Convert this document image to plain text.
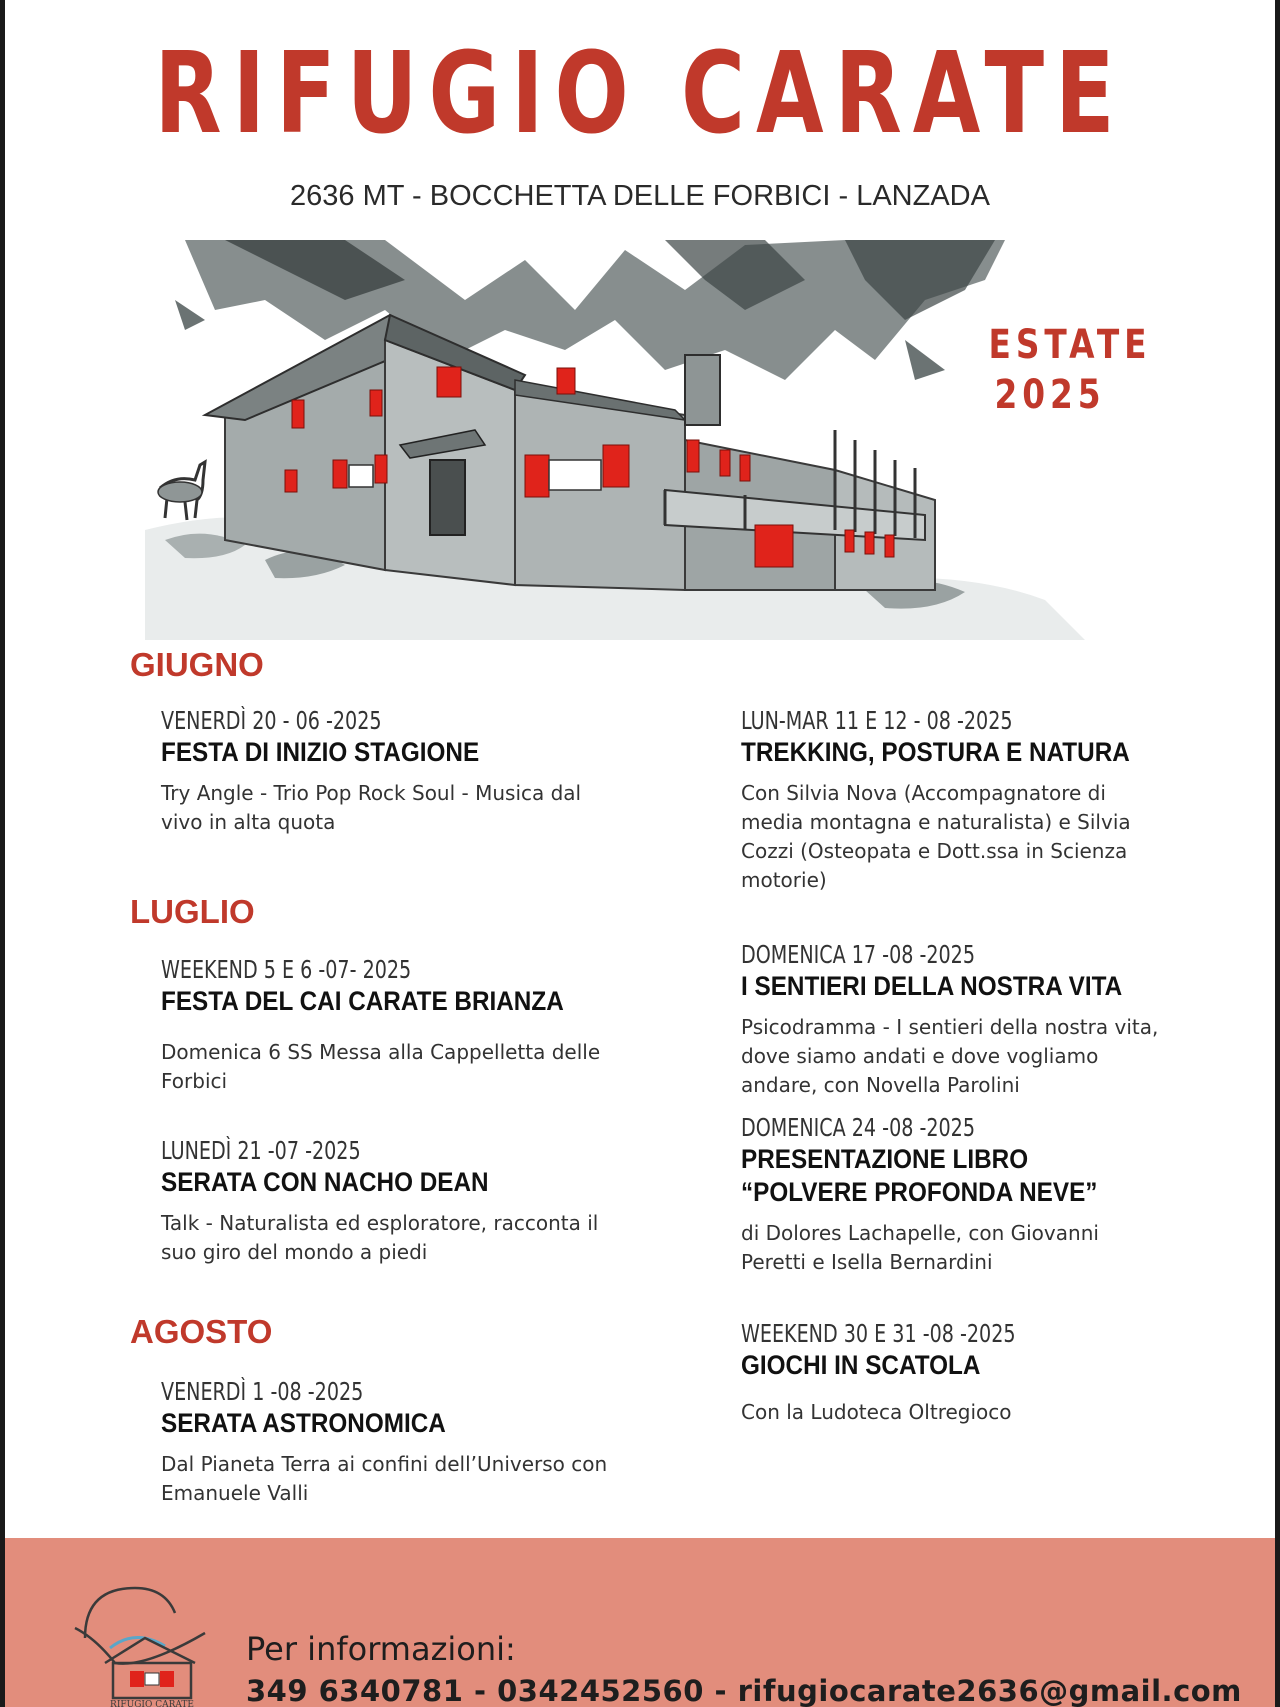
RIFUGIO CARATE
2636 MT - BOCCHETTA DELLE FORBICI - LANZADA
ESTATE
2025
GIUGNO
LUGLIO
AGOSTO
VENERDÌ 20 - 06 -2025
FESTA DI INIZIO STAGIONE
Try Angle - Trio Pop Rock Soul - Musica dal vivo in alta quota
WEEKEND 5 E 6 -07- 2025
FESTA DEL CAI CARATE BRIANZA
Domenica 6 SS Messa alla Cappelletta delle Forbici
LUNEDÌ 21 -07 -2025
SERATA CON NACHO DEAN
Talk - Naturalista ed esploratore, racconta il suo giro del mondo a piedi
VENERDÌ 1 -08 -2025
SERATA ASTRONOMICA
Dal Pianeta Terra ai confini dell’Universo con Emanuele Valli
LUN-MAR 11 E 12 - 08 -2025
TREKKING, POSTURA E NATURA
Con Silvia Nova (Accompagnatore di media montagna e naturalista) e Silvia Cozzi (Osteopata e Dott.ssa in Scienza motorie)
DOMENICA 17 -08 -2025
I SENTIERI DELLA NOSTRA VITA
Psicodramma - I sentieri della nostra vita, dove siamo andati e dove vogliamo andare, con Novella Parolini
DOMENICA 24 -08 -2025
PRESENTAZIONE LIBRO
“POLVERE PROFONDA NEVE”
di Dolores Lachapelle, con Giovanni Peretti e Isella Bernardini
WEEKEND 30 E 31 -08 -2025
GIOCHI IN SCATOLA
Con la Ludoteca Oltregioco
RIFUGIO CARATE
Per informazioni:
349 6340781 - 0342452560 - rifugiocarate2636@gmail.com
